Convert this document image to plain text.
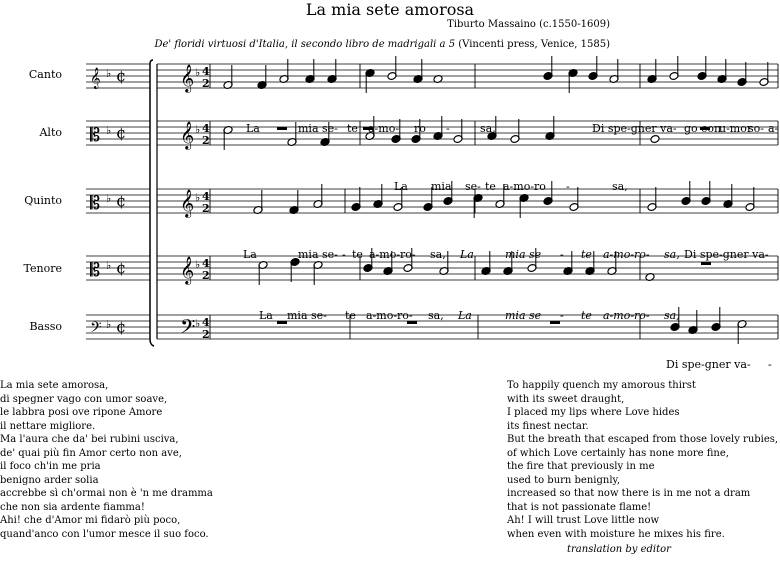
La mia sete amorosa
Tiburto Massaino (c.1550-1609)
De' floridi virtuosi d'Italia, il secondo libro de madrigali a 5 (Vincenti press, Venice, 1585)
¢
𝄞 ♭	𝄞 ♭ 4
2
¢
𝄡 ♭	𝄞 ♭ 4
2
¢
𝄡 ♭	𝄞 ♭ 4
2
¢
𝄡 ♭	𝄞 ♭ 4
2
¢
𝄢 ♭	𝄢 ♭ 4
2
Canto
Alto
Quinto
Tenore
Basso
La	mia se- te a-mo- ro -	sa,	Di spe-gner va- go con
u-mor
so- a-
La mia se- te a-mo-ro -	sa,
La	mia se- - te a-mo-ro- sa, La	mia se - te a-mo-ro- sa, Di spe-gner va-
La mia se- te a-mo-ro- sa, La	mia se - te a-mo-ro- sa,
Di spe-gner va- -
La mia sete amorosa,
di spegner vago con umor soave,
le labbra posi ove ripone Amore
il nettare migliore.
Ma l'aura che da' bei rubini usciva,
de' quai più fin Amor certo non ave,
il foco ch'in me pria
benigno arder solia
accrebbe sì ch'ormai non è 'n me dramma
che non sia ardente fiamma!
Ahi! che d'Amor mi fidarò più poco,
quand'anco con l'umor mesce il suo foco.
To happily quench my amorous thirst
with its sweet draught,
I placed my lips where Love hides
its finest nectar.
But the breath that escaped from those lovely rubies,
of which Love certainly has none more fine,
the fire that previously in me
used to burn benignly,
increased so that now there is in me not a dram
that is not passionate flame!
Ah! I will trust Love little now
when even with moisture he mixes his fire.
translation by editor
